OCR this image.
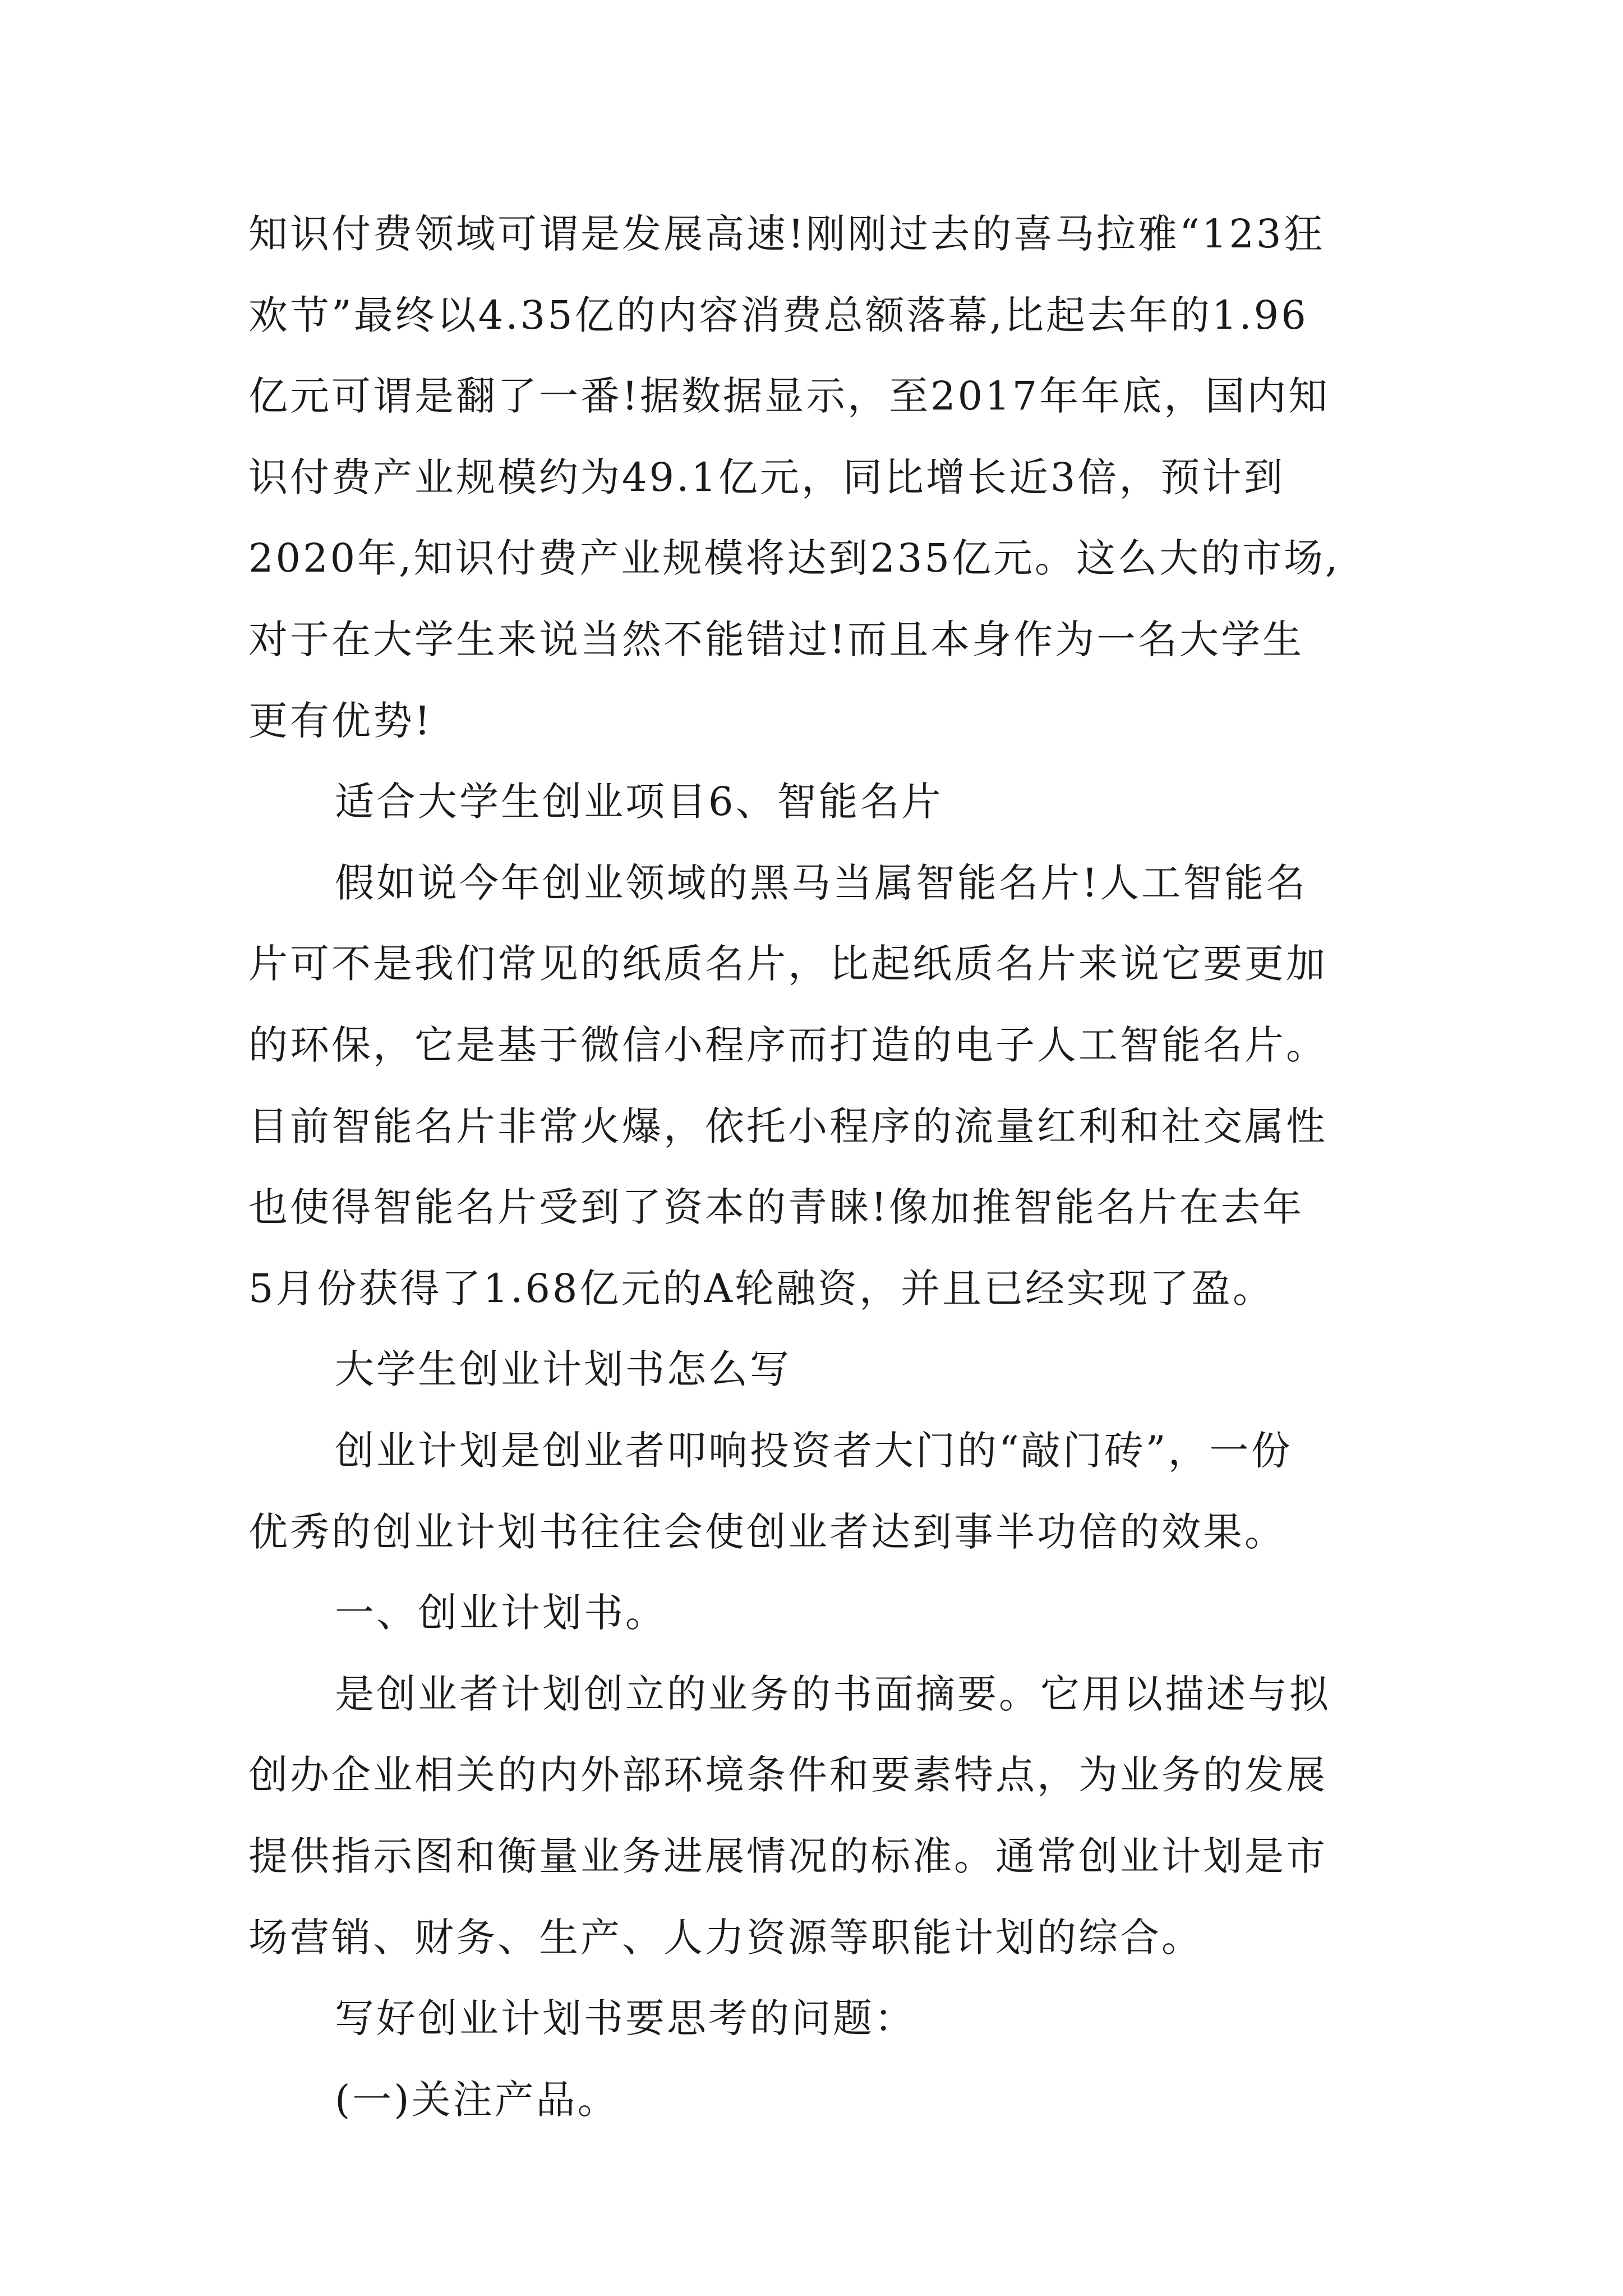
知识付费领域可谓是发展高速!刚刚过去的喜马拉雅“123狂
欢节”最终以4.35亿的内容消费总额落幕,比起去年的1.96
亿元可谓是翻了一番!据数据显示，至2017年年底，国内知
识付费产业规模约为49.1亿元，同比增长近3倍，预计到
2020年,知识付费产业规模将达到235亿元。这么大的市场,
对于在大学生来说当然不能错过!而且本身作为一名大学生
更有优势!
适合大学生创业项目6、智能名片
假如说今年创业领域的黑马当属智能名片!人工智能名
片可不是我们常见的纸质名片，比起纸质名片来说它要更加
的环保，它是基于微信小程序而打造的电子人工智能名片。
目前智能名片非常火爆，依托小程序的流量红利和社交属性
也使得智能名片受到了资本的青睐!像加推智能名片在去年
5月份获得了1.68亿元的A轮融资，并且已经实现了盈。
大学生创业计划书怎么写
创业计划是创业者叩响投资者大门的“敲门砖”，一份
优秀的创业计划书往往会使创业者达到事半功倍的效果。
一、创业计划书。
是创业者计划创立的业务的书面摘要。它用以描述与拟
创办企业相关的内外部环境条件和要素特点，为业务的发展
提供指示图和衡量业务进展情况的标准。通常创业计划是市
场营销、财务、生产、人力资源等职能计划的综合。
写好创业计划书要思考的问题：
(一)关注产品。
